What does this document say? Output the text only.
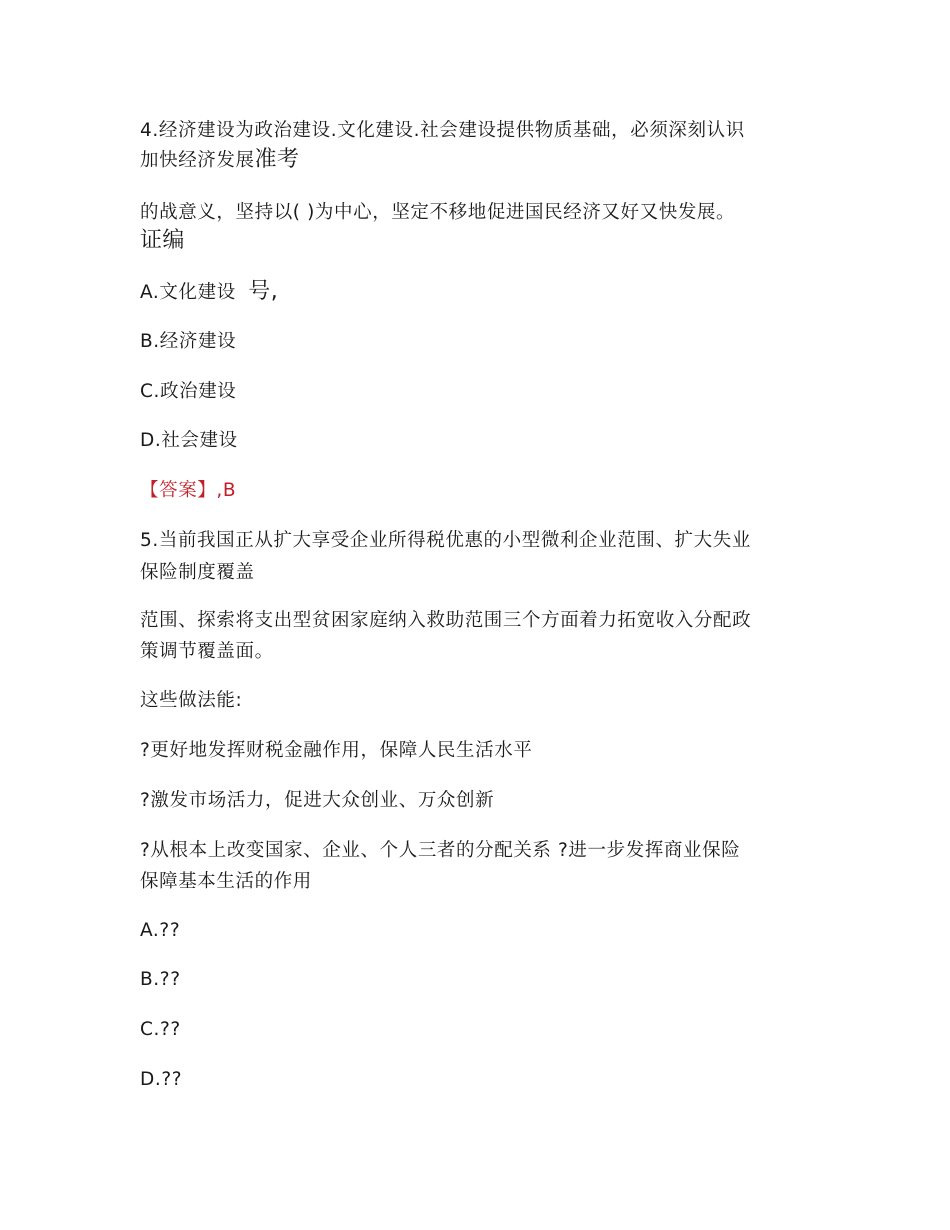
4.经济建设为政治建设.文化建设.社会建设提供物质基础，必须深刻认识
加快经济发展准考
的战意义，坚持以( )为中心，坚定不移地促进国民经济又好又快发展。
证编
A.文化建设 号,
B.经济建设
C.政治建设
D.社会建设
【答案】,B
5.当前我国正从扩大享受企业所得税优惠的小型微利企业范围、扩大失业
保险制度覆盖
范围、探索将支出型贫困家庭纳入救助范围三个方面着力拓宽收入分配政
策调节覆盖面。
这些做法能:
?更好地发挥财税金融作用，保障人民生活水平
?激发市场活力，促进大众创业、万众创新
?从根本上改变国家、企业、个人三者的分配关系 ?进一步发挥商业保险
保障基本生活的作用
A.??
B.??
C.??
D.??
